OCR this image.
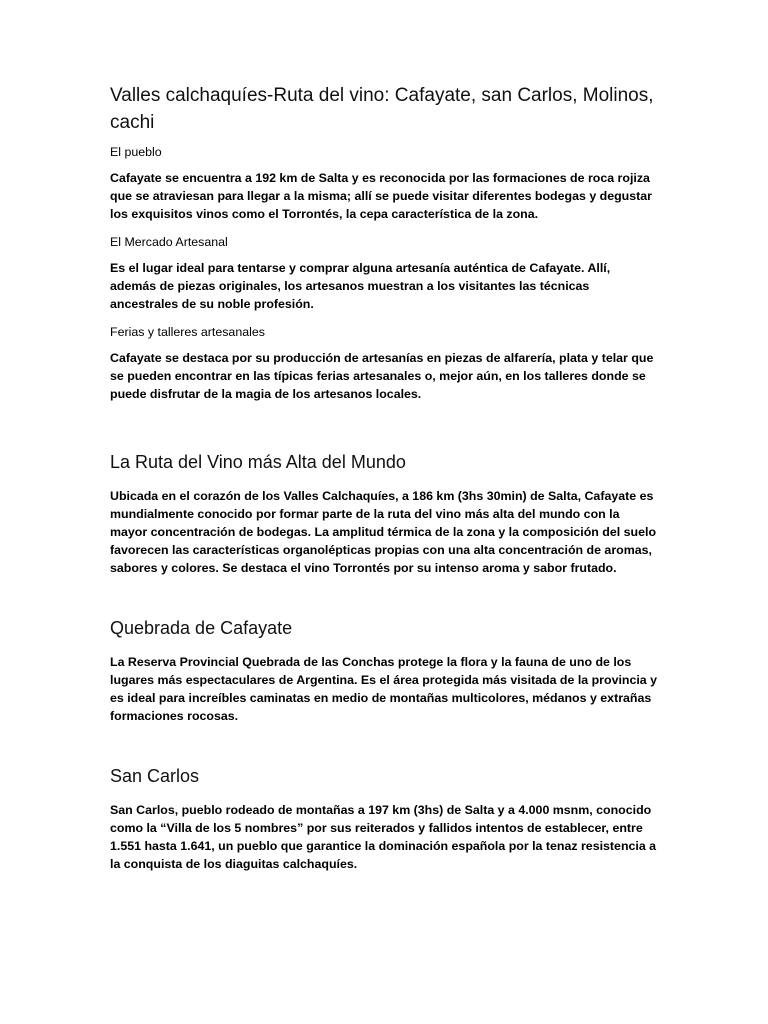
Valles calchaquíes-Ruta del vino: Cafayate, san Carlos, Molinos, cachi

El pueblo

Cafayate se encuentra a 192 km de Salta y es reconocida por las formaciones de roca rojiza que se atraviesan para llegar a la misma; allí se puede visitar diferentes bodegas y degustar los exquisitos vinos como el Torrontés, la cepa característica de la zona.

El Mercado Artesanal

Es el lugar ideal para tentarse y comprar alguna artesanía auténtica de Cafayate. Allí, además de piezas originales, los artesanos muestran a los visitantes las técnicas ancestrales de su noble profesión.

Ferias y talleres artesanales

Cafayate se destaca por su producción de artesanías en piezas de alfarería, plata y telar que se pueden encontrar en las típicas ferias artesanales o, mejor aún, en los talleres donde se puede disfrutar de la magia de los artesanos locales.

La Ruta del Vino más Alta del Mundo

Ubicada en el corazón de los Valles Calchaquíes, a 186 km (3hs 30min) de Salta, Cafayate es mundialmente conocido por formar parte de la ruta del vino más alta del mundo con la mayor concentración de bodegas. La amplitud térmica de la zona y la composición del suelo favorecen las características organolépticas propias con una alta concentración de aromas, sabores y colores. Se destaca el vino Torrontés por su intenso aroma y sabor frutado.

Quebrada de Cafayate

La Reserva Provincial Quebrada de las Conchas protege la flora y la fauna de uno de los lugares más espectaculares de Argentina. Es el área protegida más visitada de la provincia y es ideal para increíbles caminatas en medio de montañas multicolores, médanos y extrañas formaciones rocosas.

San Carlos

San Carlos, pueblo rodeado de montañas a 197 km (3hs) de Salta y a 4.000 msnm, conocido como la “Villa de los 5 nombres” por sus reiterados y fallidos intentos de establecer, entre 1.551 hasta 1.641, un pueblo que garantice la dominación española por la tenaz resistencia a la conquista de los diaguitas calchaquíes.
